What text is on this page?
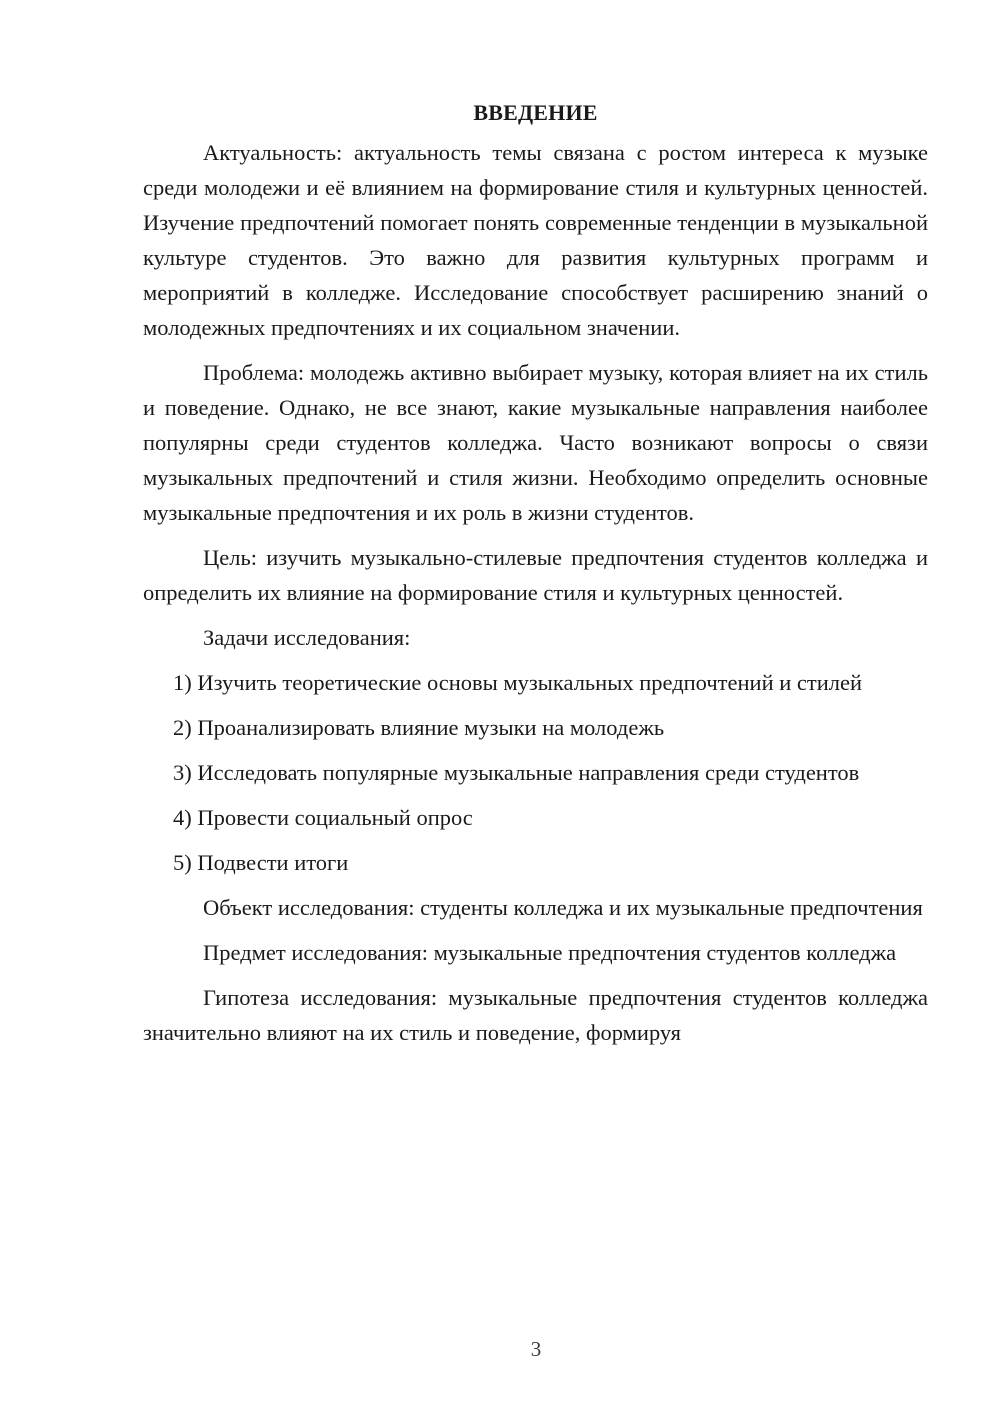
ВВЕДЕНИЕ

Актуальность: актуальность темы связана с ростом интереса к музыке среди молодежи и её влиянием на формирование стиля и культурных ценностей. Изучение предпочтений помогает понять современные тенденции в музыкальной культуре студентов. Это важно для развития культурных программ и мероприятий в колледже. Исследование способствует расширению знаний о молодежных предпочтениях и их социальном значении.

Проблема: молодежь активно выбирает музыку, которая влияет на их стиль и поведение. Однако, не все знают, какие музыкальные направления наиболее популярны среди студентов колледжа. Часто возникают вопросы о связи музыкальных предпочтений и стиля жизни. Необходимо определить основные музыкальные предпочтения и их роль в жизни студентов.

Цель: изучить музыкально-стилевые предпочтения студентов колледжа и определить их влияние на формирование стиля и культурных ценностей.

Задачи исследования:

1) Изучить теоретические основы музыкальных предпочтений и стилей

2) Проанализировать влияние музыки на молодежь

3) Исследовать популярные музыкальные направления среди студентов

4) Провести социальный опрос

5) Подвести итоги

Объект исследования: студенты колледжа и их музыкальные предпочтения

Предмет исследования: музыкальные предпочтения студентов колледжа

Гипотеза исследования: музыкальные предпочтения студентов колледжа значительно влияют на их стиль и поведение, формируя

3
